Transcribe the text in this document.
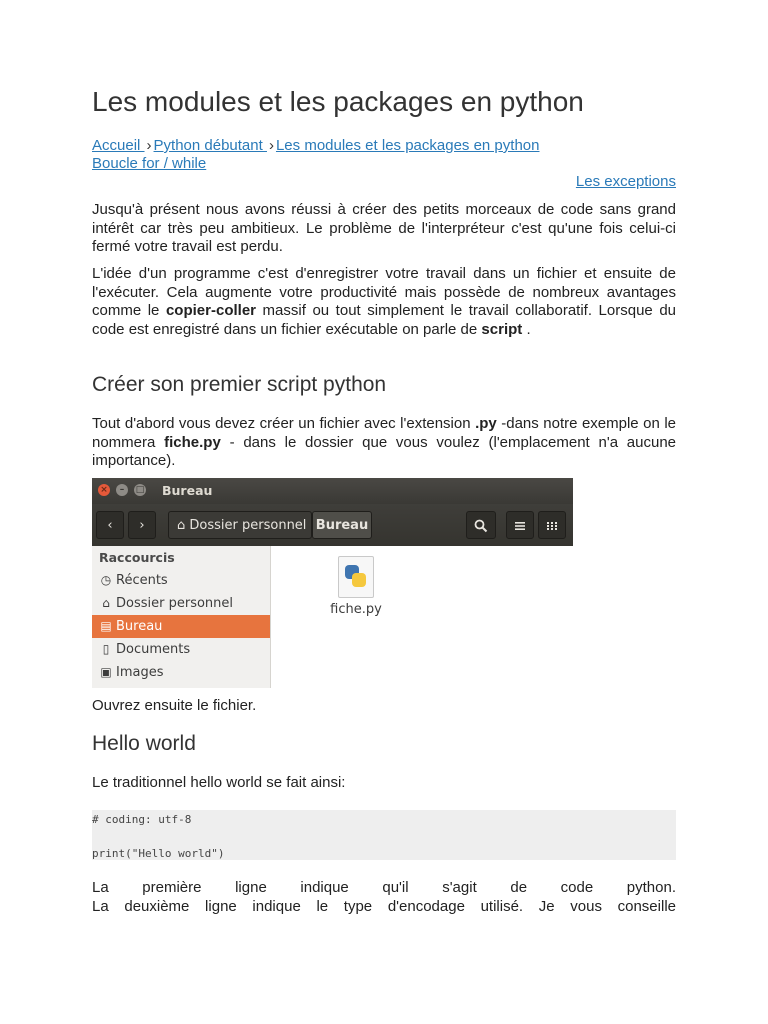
Les modules et les packages en python
Accueil › Python débutant › Les modules et les packages en python
Boucle for / while
Les exceptions

Jusqu'à présent nous avons réussi à créer des petits morceaux de code sans grand intérêt car très peu ambitieux. Le problème de l'interpréteur c'est qu'une fois celui-ci fermé votre travail est perdu.

L'idée d'un programme c'est d'enregistrer votre travail dans un fichier et ensuite de l'exécuter. Cela augmente votre productivité mais possède de nombreux avantages comme le copier-coller massif ou tout simplement le travail collaboratif. Lorsque du code est enregistré dans un fichier exécutable on parle de script .

Créer son premier script python

Tout d'abord vous devez créer un fichier avec l'extension .py -dans notre exemple on le nommera fiche.py - dans le dossier que vous voulez (l'emplacement n'a aucune importance).

×	–	□ Bureau
‹	›	⌂ Dossier personnel Bureau
Raccourcis
◷ Récents
⌂ Dossier personnel
▤ Bureau
▯ Documents
▣ Images
fiche.py

Ouvrez ensuite le fichier.

Hello world

Le traditionnel hello world se fait ainsi:

# coding: utf-8
print("Hello world")

La première ligne indique qu'il s'agit de code python.

La deuxième ligne indique le type d'encodage utilisé. Je vous conseille
